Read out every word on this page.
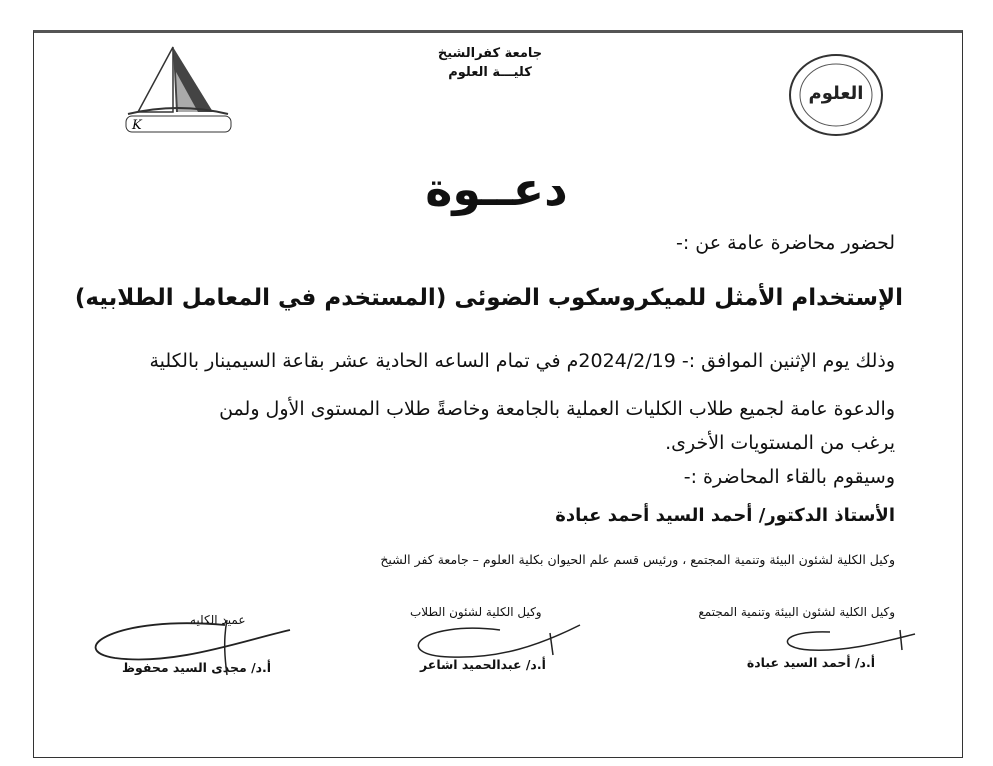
K
العلوم
جامعة كفرالشيخ
كليـــة العلوم
دعــوة
لحضور محاضرة عامة عن :-
الإستخدام الأمثل للميكروسكوب الضوئى (المستخدم في المعامل الطلابيه)
وذلك يوم الإثنين الموافق :- 2024/2/19م في تمام الساعه الحادية عشر بقاعة السيمينار بالكلية
والدعوة عامة لجميع طلاب الكليات العملية بالجامعة وخاصةً طلاب المستوى الأول ولمن
يرغب من المستويات الأخرى.
وسيقوم بالقاء المحاضرة :-
الأستاذ الدكتور/ أحمد السيد أحمد عبادة
وكيل الكلية لشئون البيئة وتنمية المجتمع ، ورئيس قسم علم الحيوان بكلية العلوم – جامعة كفر الشيخ
وكيل الكلية لشئون البيئة وتنمية المجتمع
أ.د/ أحمد السيد عبادة
وكيل الكلية لشئون الطلاب
أ.د/ عبدالحميد اشاعر
عميد الكليه
أ.د/ مجدى السيد محفوظ
